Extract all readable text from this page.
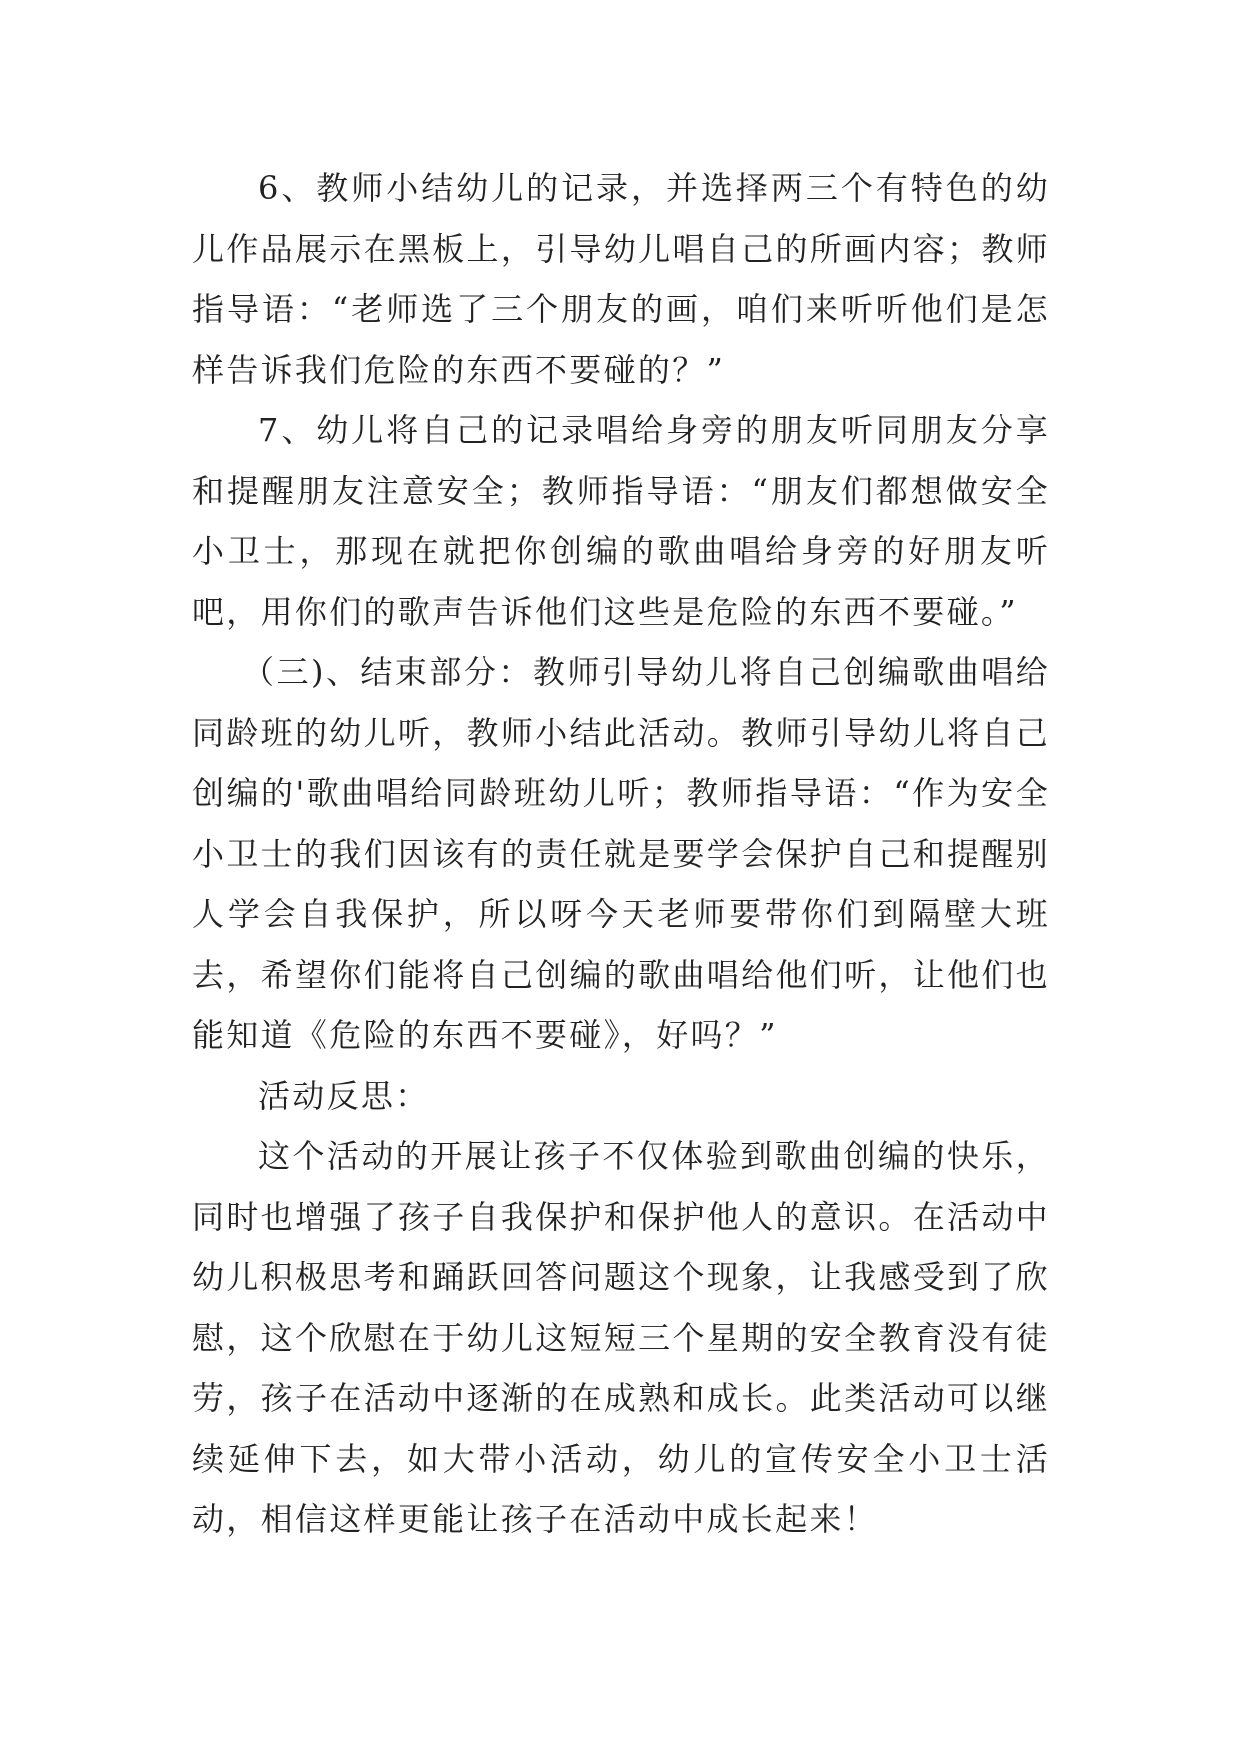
6、教师小结幼儿的记录，并选择两三个有特色的幼儿作品展示在黑板上，引导幼儿唱自己的所画内容；教师指导语：“老师选了三个朋友的画，咱们来听听他们是怎样告诉我们危险的东西不要碰的？”

7、幼儿将自己的记录唱给身旁的朋友听同朋友分享和提醒朋友注意安全；教师指导语：“朋友们都想做安全小卫士，那现在就把你创编的歌曲唱给身旁的好朋友听吧，用你们的歌声告诉他们这些是危险的东西不要碰。”

（三)、结束部分：教师引导幼儿将自己创编歌曲唱给同龄班的幼儿听，教师小结此活动。教师引导幼儿将自己创编的'歌曲唱给同龄班幼儿听；教师指导语：“作为安全小卫士的我们因该有的责任就是要学会保护自己和提醒别人学会自我保护，所以呀今天老师要带你们到隔壁大班去，希望你们能将自己创编的歌曲唱给他们听，让他们也能知道《危险的东西不要碰》，好吗？”

活动反思：

这个活动的开展让孩子不仅体验到歌曲创编的快乐，同时也增强了孩子自我保护和保护他人的意识。在活动中幼儿积极思考和踊跃回答问题这个现象，让我感受到了欣慰，这个欣慰在于幼儿这短短三个星期的安全教育没有徒劳，孩子在活动中逐渐的在成熟和成长。此类活动可以继续延伸下去，如大带小活动，幼儿的宣传安全小卫士活动，相信这样更能让孩子在活动中成长起来！
